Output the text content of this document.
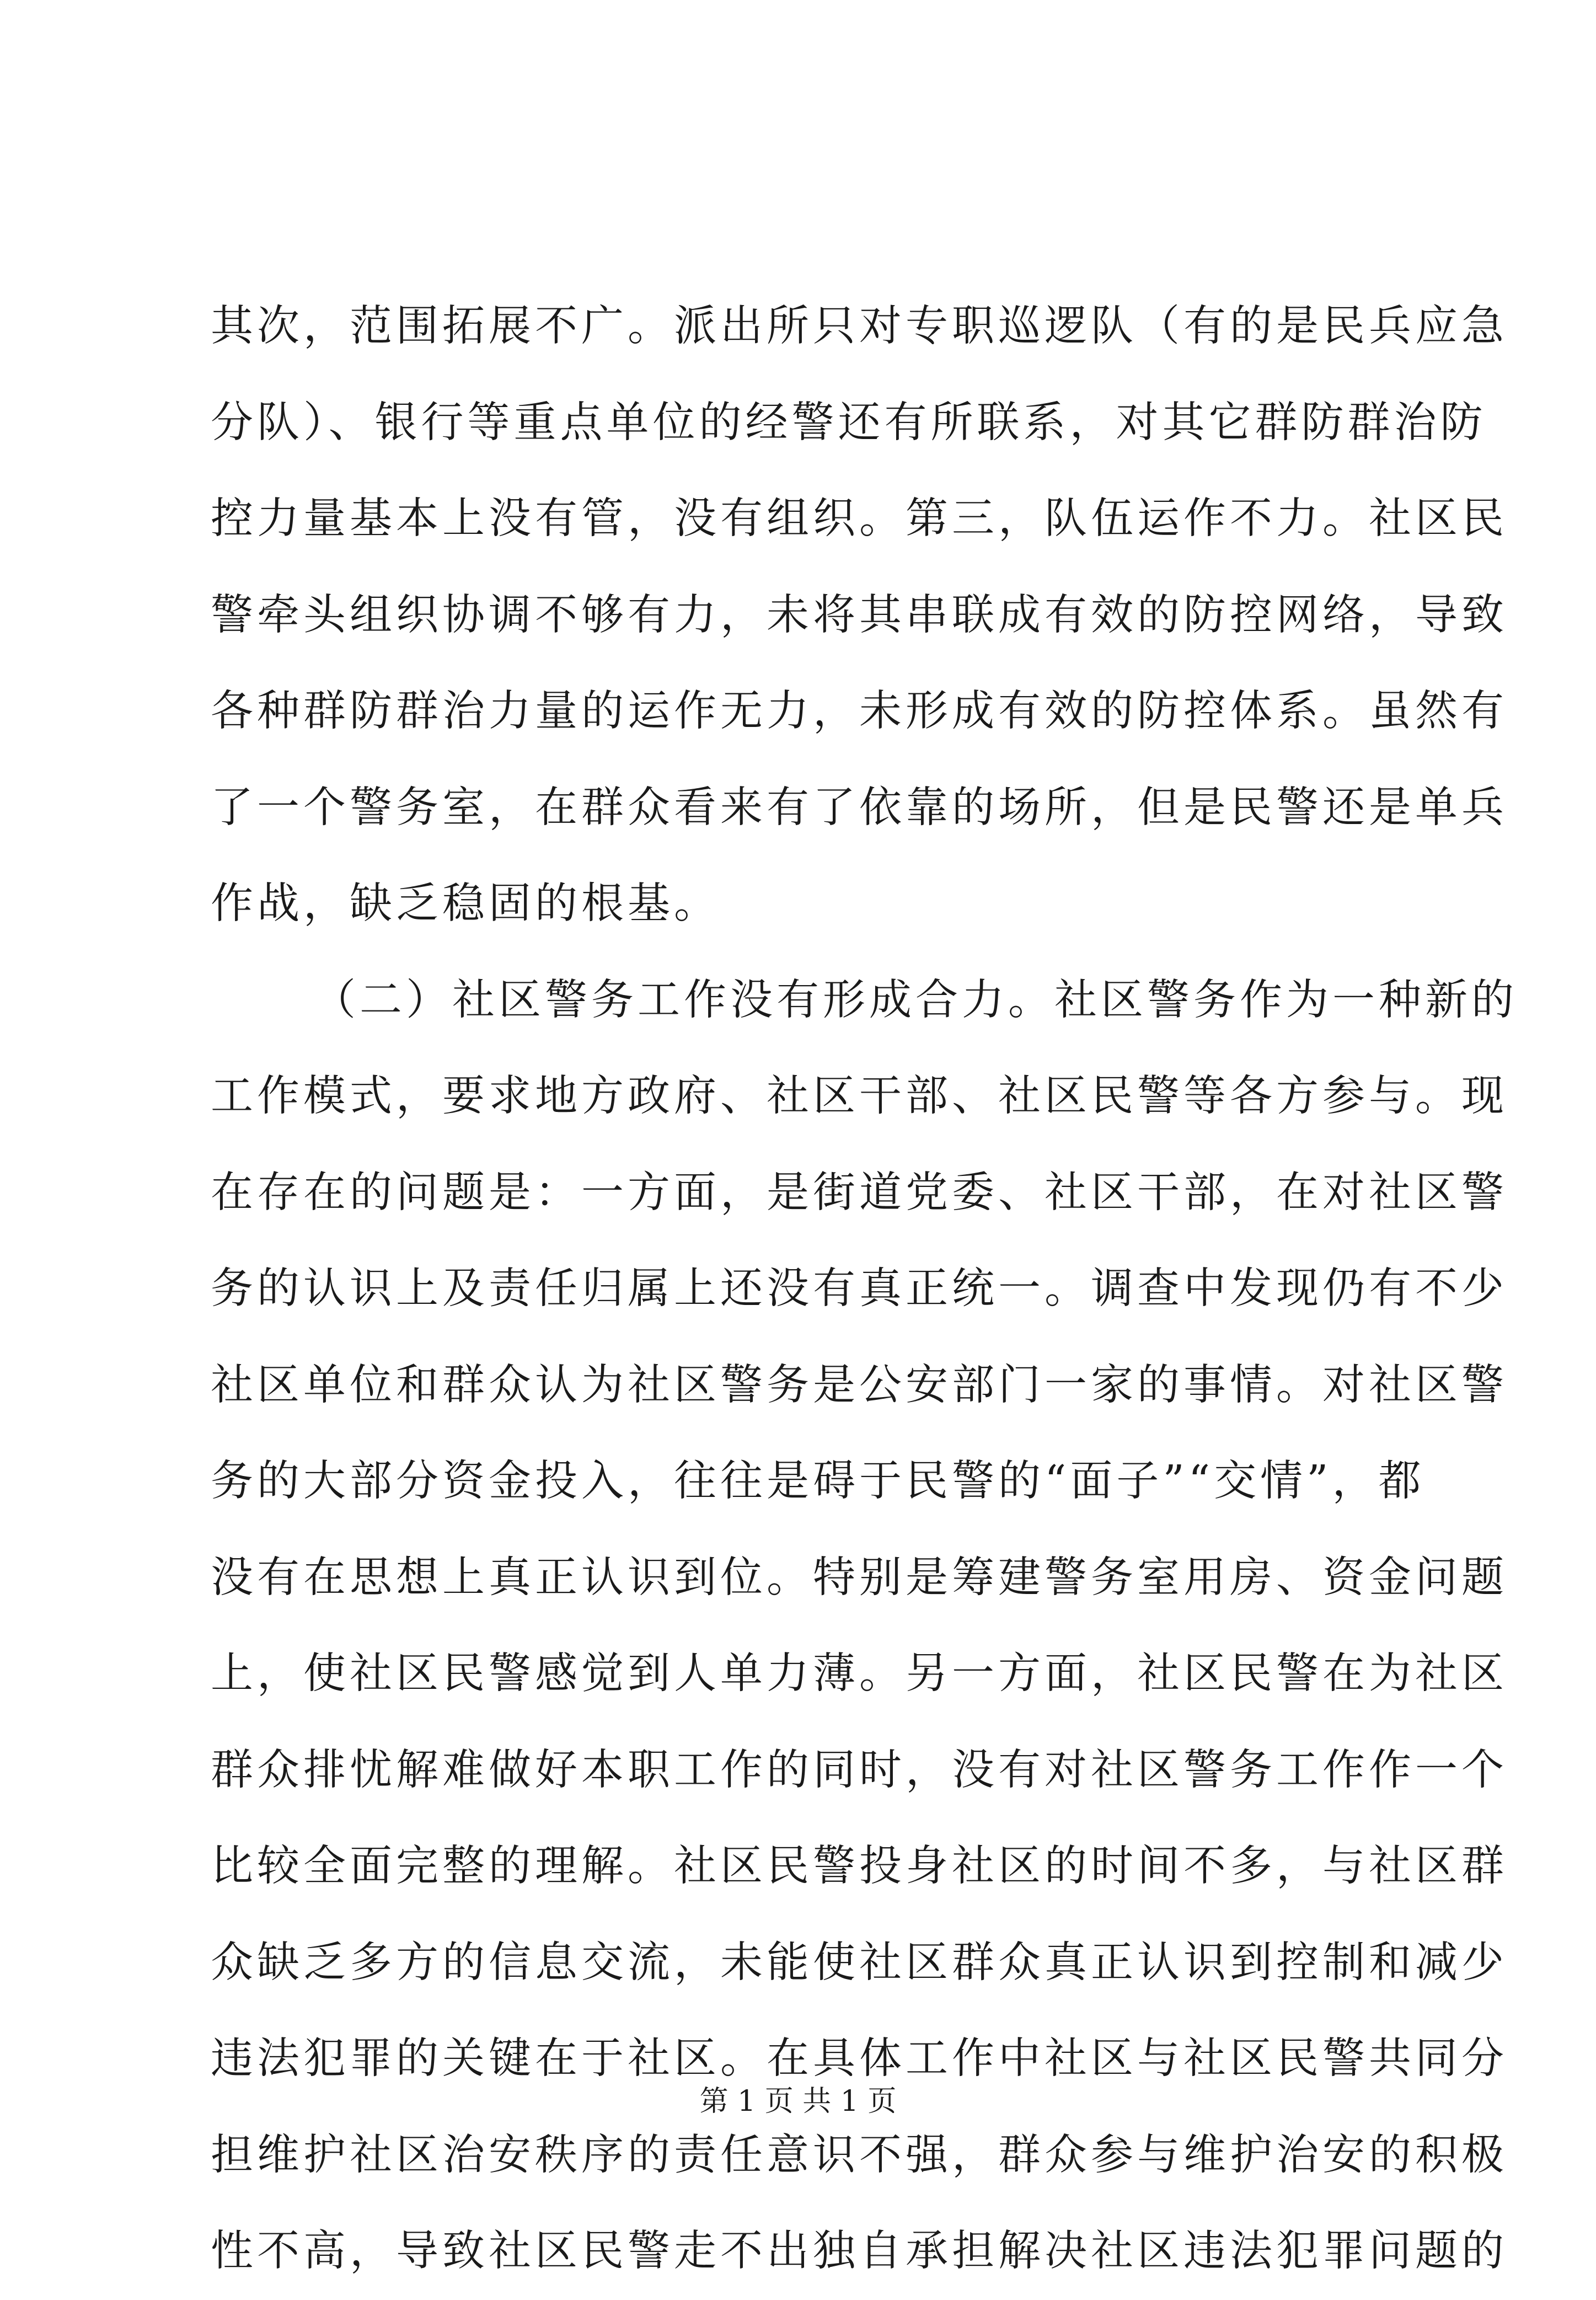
其次，范围拓展不广。派出所只对专职巡逻队（有的是民兵应急
分队）、银行等重点单位的经警还有所联系，对其它群防群治防
控力量基本上没有管，没有组织。第三，队伍运作不力。社区民
警牵头组织协调不够有力，未将其串联成有效的防控网络，导致
各种群防群治力量的运作无力，未形成有效的防控体系。虽然有
了一个警务室，在群众看来有了依靠的场所，但是民警还是单兵
作战，缺乏稳固的根基。
（二）社区警务工作没有形成合力。社区警务作为一种新的
工作模式，要求地方政府、社区干部、社区民警等各方参与。现
在存在的问题是：一方面，是街道党委、社区干部，在对社区警
务的认识上及责任归属上还没有真正统一。调查中发现仍有不少
社区单位和群众认为社区警务是公安部门一家的事情。对社区警
务的大部分资金投入，往往是碍于民警的“面子”“交情”，都
没有在思想上真正认识到位。特别是筹建警务室用房、资金问题
上，使社区民警感觉到人单力薄。另一方面，社区民警在为社区
群众排忧解难做好本职工作的同时，没有对社区警务工作作一个
比较全面完整的理解。社区民警投身社区的时间不多，与社区群
众缺乏多方的信息交流，未能使社区群众真正认识到控制和减少
违法犯罪的关键在于社区。在具体工作中社区与社区民警共同分
担维护社区治安秩序的责任意识不强，群众参与维护治安的积极
性不高，导致社区民警走不出独自承担解决社区违法犯罪问题的
第 1 页 共 1 页
